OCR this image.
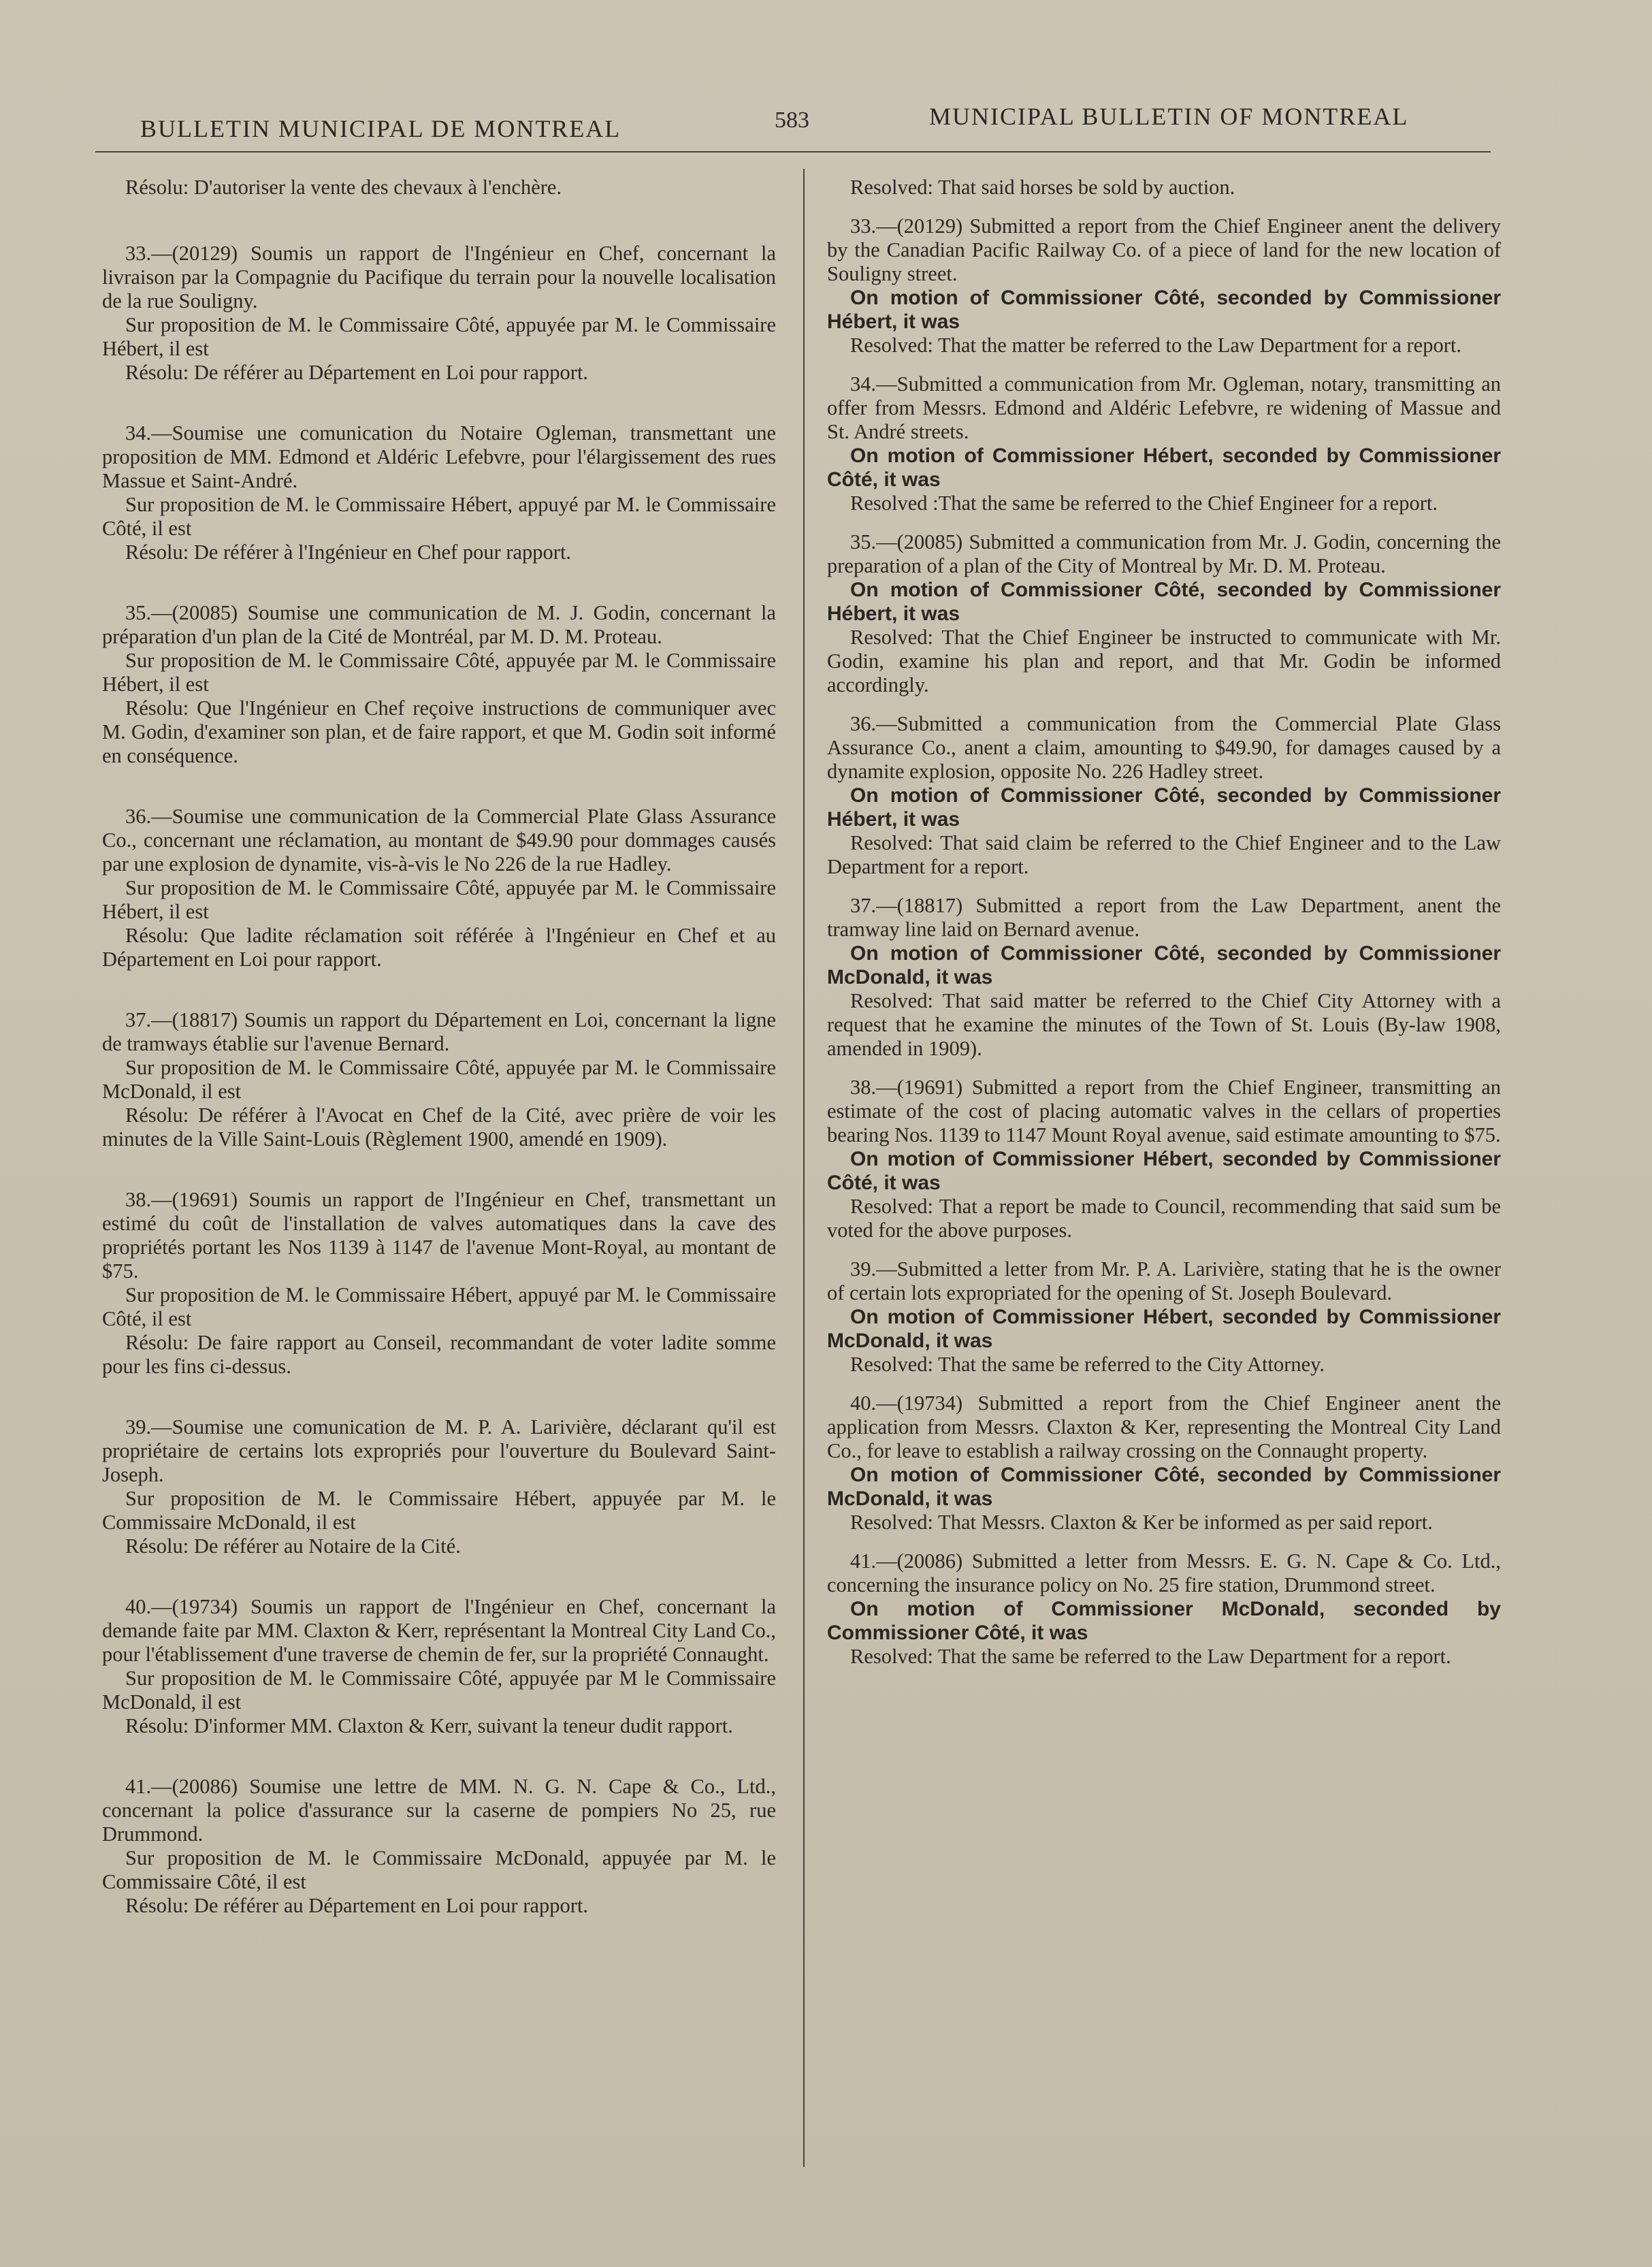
BULLETIN MUNICIPAL DE MONTREAL	583	MUNICIPAL BULLETIN OF MONTREAL

Résolu: D'autoriser la vente des chevaux à l'enchère.

33.—(20129) Soumis un rapport de l'Ingénieur en Chef, concernant la livraison par la Compagnie du Pacifique du terrain pour la nouvelle localisation de la rue Souligny.

Sur proposition de M. le Commissaire Côté, appuyée par M. le Commissaire Hébert, il est

Résolu: De référer au Département en Loi pour rapport.

34.—Soumise une comunication du Notaire Ogleman, transmettant une proposition de MM. Edmond et Aldéric Lefebvre, pour l'élargissement des rues Massue et Saint-André.

Sur proposition de M. le Commissaire Hébert, appuyé par M. le Commissaire Côté, il est

Résolu: De référer à l'Ingénieur en Chef pour rapport.

35.—(20085) Soumise une communication de M. J. Godin, concernant la préparation d'un plan de la Cité de Montréal, par M. D. M. Proteau.

Sur proposition de M. le Commissaire Côté, appuyée par M. le Commissaire Hébert, il est

Résolu: Que l'Ingénieur en Chef reçoive instructions de communiquer avec M. Godin, d'examiner son plan, et de faire rapport, et que M. Godin soit informé en conséquence.

36.—Soumise une communication de la Commercial Plate Glass Assurance Co., concernant une réclamation, au montant de $49.90 pour dommages causés par une explosion de dynamite, vis-à-vis le No 226 de la rue Hadley.

Sur proposition de M. le Commissaire Côté, appuyée par M. le Commissaire Hébert, il est

Résolu: Que ladite réclamation soit référée à l'Ingénieur en Chef et au Département en Loi pour rapport.

37.—(18817) Soumis un rapport du Département en Loi, concernant la ligne de tramways établie sur l'avenue Bernard.

Sur proposition de M. le Commissaire Côté, appuyée par M. le Commissaire McDonald, il est

Résolu: De référer à l'Avocat en Chef de la Cité, avec prière de voir les minutes de la Ville Saint-Louis (Règlement 1900, amendé en 1909).

38.—(19691) Soumis un rapport de l'Ingénieur en Chef, transmettant un estimé du coût de l'installation de valves automatiques dans la cave des propriétés portant les Nos 1139 à 1147 de l'avenue Mont-Royal, au montant de $75.

Sur proposition de M. le Commissaire Hébert, appuyé par M. le Commissaire Côté, il est

Résolu: De faire rapport au Conseil, recommandant de voter ladite somme pour les fins ci-dessus.

39.—Soumise une comunication de M. P. A. Larivière, déclarant qu'il est propriétaire de certains lots expropriés pour l'ouverture du Boulevard Saint-Joseph.

Sur proposition de M. le Commissaire Hébert, appuyée par M. le Commissaire McDonald, il est

Résolu: De référer au Notaire de la Cité.

40.—(19734) Soumis un rapport de l'Ingénieur en Chef, concernant la demande faite par MM. Claxton & Kerr, représentant la Montreal City Land Co., pour l'établissement d'une traverse de chemin de fer, sur la propriété Connaught.

Sur proposition de M. le Commissaire Côté, appuyée par M le Commissaire McDonald, il est

Résolu: D'informer MM. Claxton & Kerr, suivant la teneur dudit rapport.

41.—(20086) Soumise une lettre de MM. N. G. N. Cape & Co., Ltd., concernant la police d'assurance sur la caserne de pompiers No 25, rue Drummond.

Sur proposition de M. le Commissaire McDonald, appuyée par M. le Commissaire Côté, il est

Résolu: De référer au Département en Loi pour rapport.

Resolved: That said horses be sold by auction.

33.—(20129) Submitted a report from the Chief Engineer anent the delivery by the Canadian Pacific Railway Co. of a piece of land for the new location of Souligny street.

On motion of Commissioner Côté, seconded by Commissioner Hébert, it was

Resolved: That the matter be referred to the Law Department for a report.

34.—Submitted a communication from Mr. Ogleman, notary, transmitting an offer from Messrs. Edmond and Aldéric Lefebvre, re widening of Massue and St. André streets.

On motion of Commissioner Hébert, seconded by Commissioner Côté, it was

Resolved :That the same be referred to the Chief Engineer for a report.

35.—(20085) Submitted a communication from Mr. J. Godin, concerning the preparation of a plan of the City of Montreal by Mr. D. M. Proteau.

On motion of Commissioner Côté, seconded by Commissioner Hébert, it was

Resolved: That the Chief Engineer be instructed to communicate with Mr. Godin, examine his plan and report, and that Mr. Godin be informed accordingly.

36.—Submitted a communication from the Commercial Plate Glass Assurance Co., anent a claim, amounting to $49.90, for damages caused by a dynamite explosion, opposite No. 226 Hadley street.

On motion of Commissioner Côté, seconded by Commissioner Hébert, it was

Resolved: That said claim be referred to the Chief Engineer and to the Law Department for a report.

37.—(18817) Submitted a report from the Law Department, anent the tramway line laid on Bernard avenue.

On motion of Commissioner Côté, seconded by Commissioner McDonald, it was

Resolved: That said matter be referred to the Chief City Attorney with a request that he examine the minutes of the Town of St. Louis (By-law 1908, amended in 1909).

38.—(19691) Submitted a report from the Chief Engineer, transmitting an estimate of the cost of placing automatic valves in the cellars of properties bearing Nos. 1139 to 1147 Mount Royal avenue, said estimate amounting to $75.

On motion of Commissioner Hébert, seconded by Commissioner Côté, it was

Resolved: That a report be made to Council, recommending that said sum be voted for the above purposes.

39.—Submitted a letter from Mr. P. A. Larivière, stating that he is the owner of certain lots expropriated for the opening of St. Joseph Boulevard.

On motion of Commissioner Hébert, seconded by Commissioner McDonald, it was

Resolved: That the same be referred to the City Attorney.

40.—(19734) Submitted a report from the Chief Engineer anent the application from Messrs. Claxton & Ker, representing the Montreal City Land Co., for leave to establish a railway crossing on the Connaught property.

On motion of Commissioner Côté, seconded by Commissioner McDonald, it was

Resolved: That Messrs. Claxton & Ker be informed as per said report.

41.—(20086) Submitted a letter from Messrs. E. G. N. Cape & Co. Ltd., concerning the insurance policy on No. 25 fire station, Drummond street.

On motion of Commissioner McDonald, seconded by Commissioner Côté, it was

Resolved: That the same be referred to the Law Department for a report.
